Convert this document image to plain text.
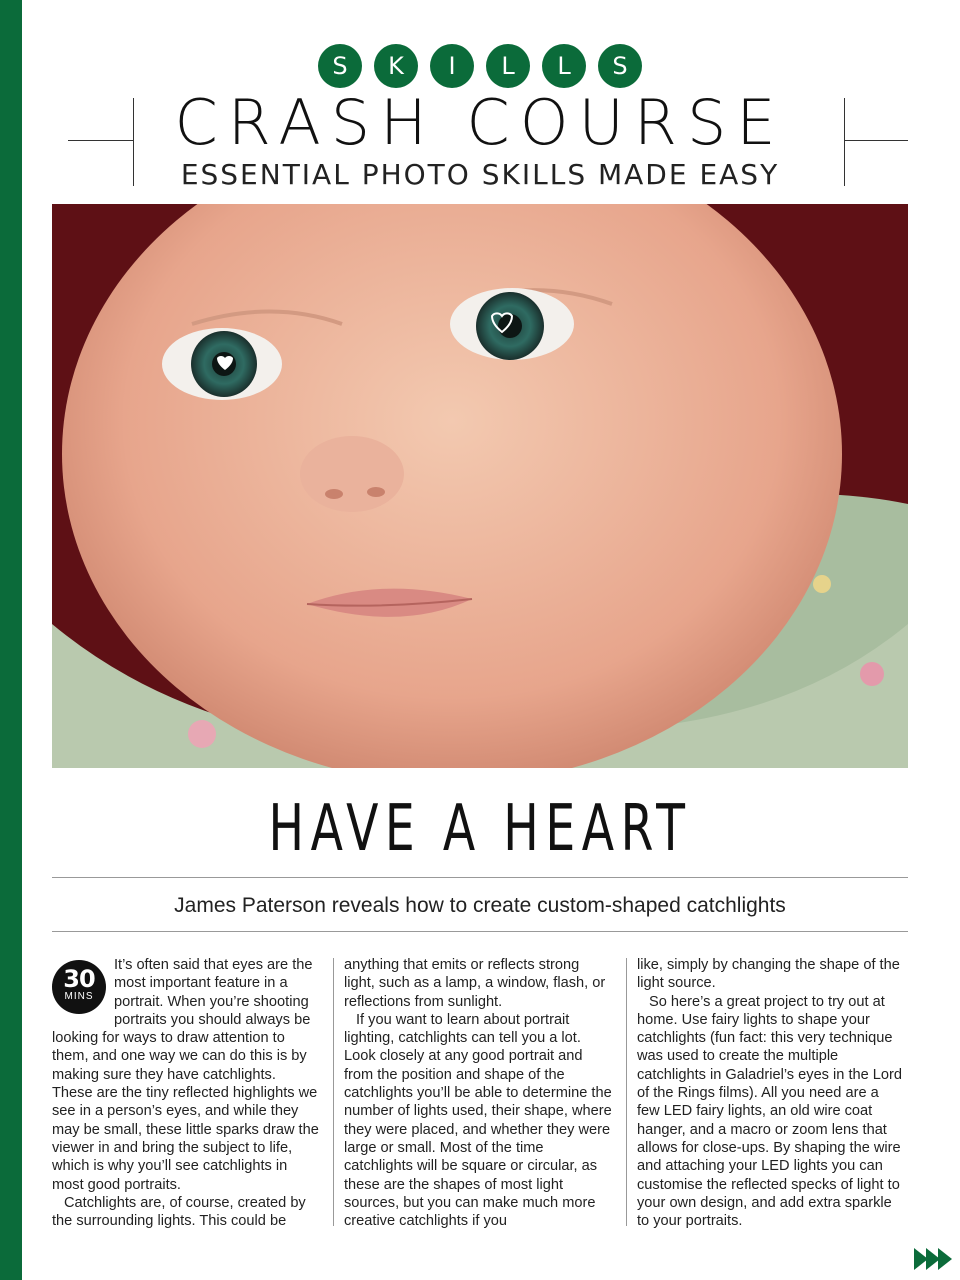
S	K	I	L	L	S
CRASH COURSE
ESSENTIAL PHOTO SKILLS MADE EASY
HAVE A HEART
James Paterson reveals how to create custom-shaped catchlights
30
MINS

It’s often said that eyes are the most important feature in a portrait. When you’re shooting portraits you should always be looking for ways to draw attention to them, and one way we can do this is by making sure they have catchlights. These are the tiny reflected highlights we see in a person’s eyes, and while they may be small, these little sparks draw the viewer in and bring the subject to life, which is why you’ll see catchlights in most good portraits.

Catchlights are, of course, created by the surrounding lights. This could be

anything that emits or reflects strong light, such as a lamp, a window, flash, or reflections from sunlight.

If you want to learn about portrait lighting, catchlights can tell you a lot. Look closely at any good portrait and from the position and shape of the catchlights you’ll be able to determine the number of lights used, their shape, where they were placed, and whether they were large or small. Most of the time catchlights will be square or circular, as these are the shapes of most light sources, but you can make much more creative catchlights if you

like, simply by changing the shape of the light source.

So here’s a great project to try out at home. Use fairy lights to shape your catchlights (fun fact: this very technique was used to create the multiple catchlights in Galadriel’s eyes in the Lord of the Rings films). All you need are a few LED fairy lights, an old wire coat hanger, and a macro or zoom lens that allows for close-ups. By shaping the wire and attaching your LED lights you can customise the reflected specks of light to your own design, and add extra sparkle to your portraits.
